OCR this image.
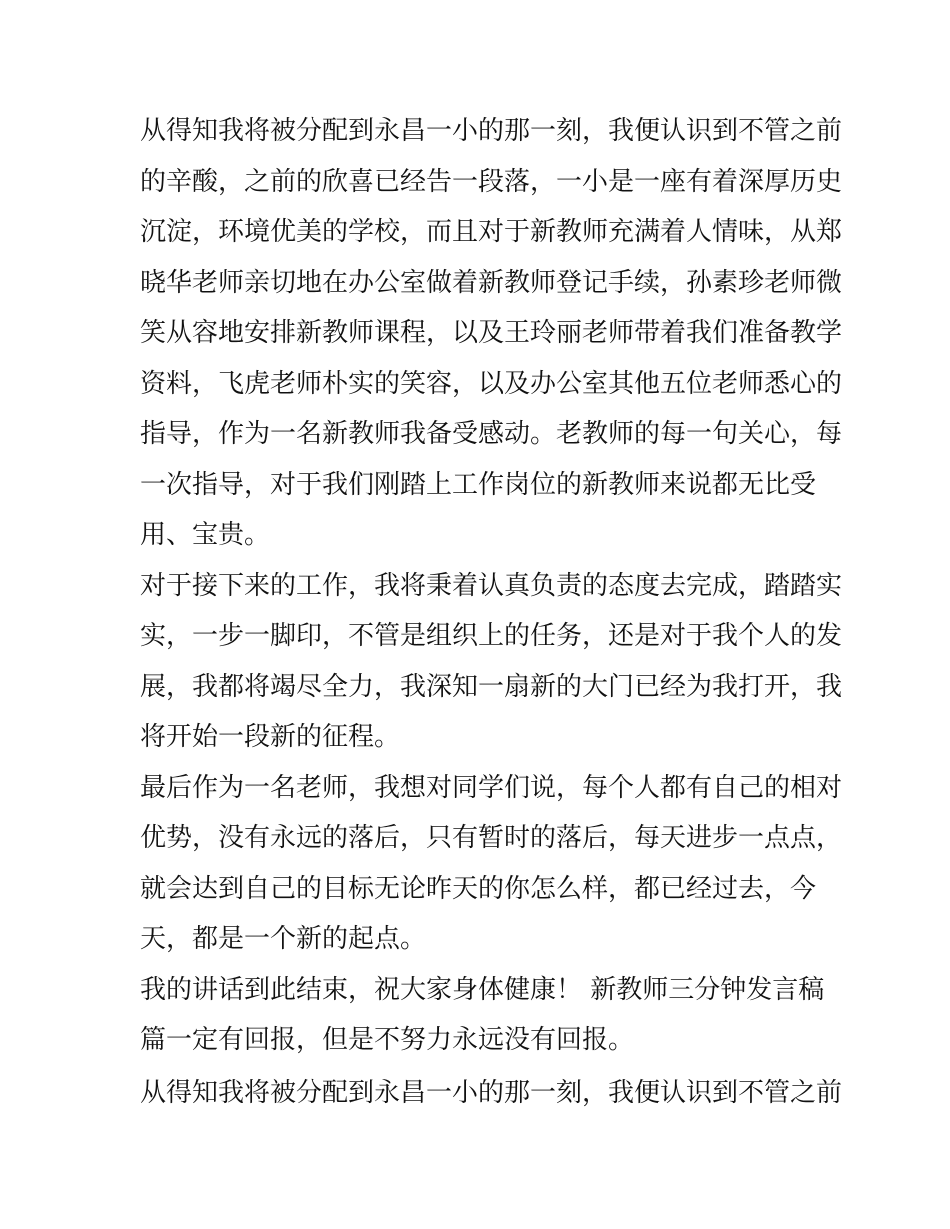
从得知我将被分配到永昌一小的那一刻，我便认识到不管之前

的辛酸，之前的欣喜已经告一段落，一小是一座有着深厚历史

沉淀，环境优美的学校，而且对于新教师充满着人情味，从郑

晓华老师亲切地在办公室做着新教师登记手续，孙素珍老师微

笑从容地安排新教师课程，以及王玲丽老师带着我们准备教学

资料，飞虎老师朴实的笑容，以及办公室其他五位老师悉心的

指导，作为一名新教师我备受感动。老教师的每一句关心，每

一次指导，对于我们刚踏上工作岗位的新教师来说都无比受

用、宝贵。

对于接下来的工作，我将秉着认真负责的态度去完成，踏踏实

实，一步一脚印，不管是组织上的任务，还是对于我个人的发

展，我都将竭尽全力，我深知一扇新的大门已经为我打开，我

将开始一段新的征程。

最后作为一名老师，我想对同学们说，每个人都有自己的相对

优势，没有永远的落后，只有暂时的落后，每天进步一点点，

就会达到自己的目标无论昨天的你怎么样，都已经过去，今

天，都是一个新的起点。

我的讲话到此结束，祝大家身体健康！ 新教师三分钟发言稿

篇一定有回报，但是不努力永远没有回报。

从得知我将被分配到永昌一小的那一刻，我便认识到不管之前
